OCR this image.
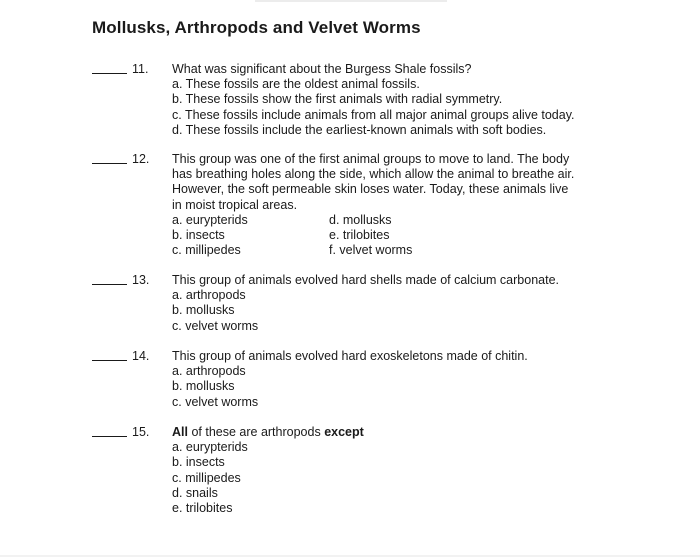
Mollusks, Arthropods and Velvet Worms
11. What was significant about the Burgess Shale fossils?
a. These fossils are the oldest animal fossils.
b. These fossils show the first animals with radial symmetry.
c. These fossils include animals from all major animal groups alive today.
d. These fossils include the earliest-known animals with soft bodies.
12. This group was one of the first animal groups to move to land. The body
has breathing holes along the side, which allow the animal to breathe air.
However, the soft permeable skin loses water. Today, these animals live
in moist tropical areas.
a. eurypterids
b. insects
c. millipedes
d. mollusks
e. trilobites
f. velvet worms
13. This group of animals evolved hard shells made of calcium carbonate.
a. arthropods
b. mollusks
c. velvet worms
14. This group of animals evolved hard exoskeletons made of chitin.
a. arthropods
b. mollusks
c. velvet worms
15. All of these are arthropods except
a. eurypterids
b. insects
c. millipedes
d. snails
e. trilobites
